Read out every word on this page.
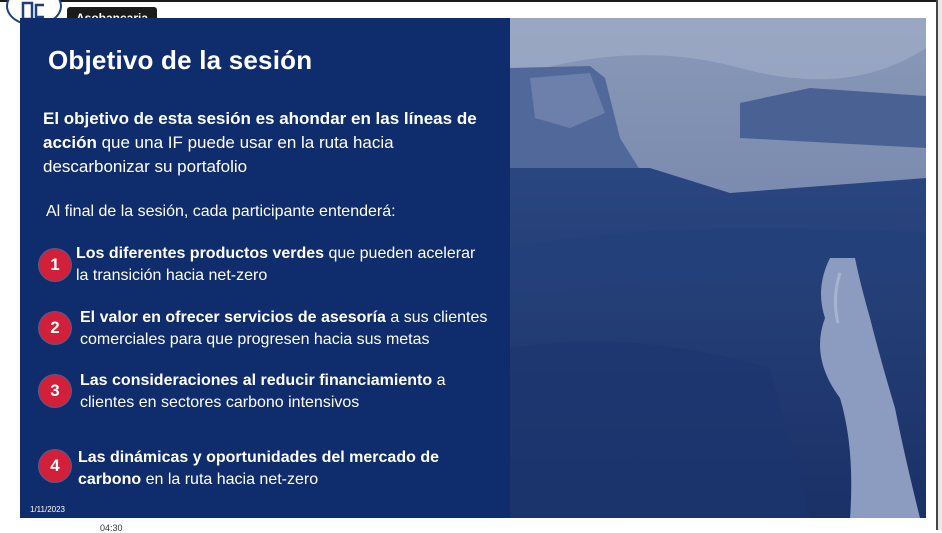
Objetivo de la sesión
El objetivo de esta sesión es ahondar en las líneas de acción que una IF puede usar en la ruta hacia descarbonizar su portafolio
Al final de la sesión, cada participante entenderá:
1
Los diferentes productos verdes que pueden acelerar la transición hacia net-zero
2
El valor en ofrecer servicios de asesoría a sus clientes comerciales para que progresen hacia sus metas
3
Las consideraciones al reducir financiamiento a clientes en sectores carbono intensivos
4	Las dinámicas y oportunidades del mercado de carbono en la ruta hacia net-zero
1/11/2023
04:30
